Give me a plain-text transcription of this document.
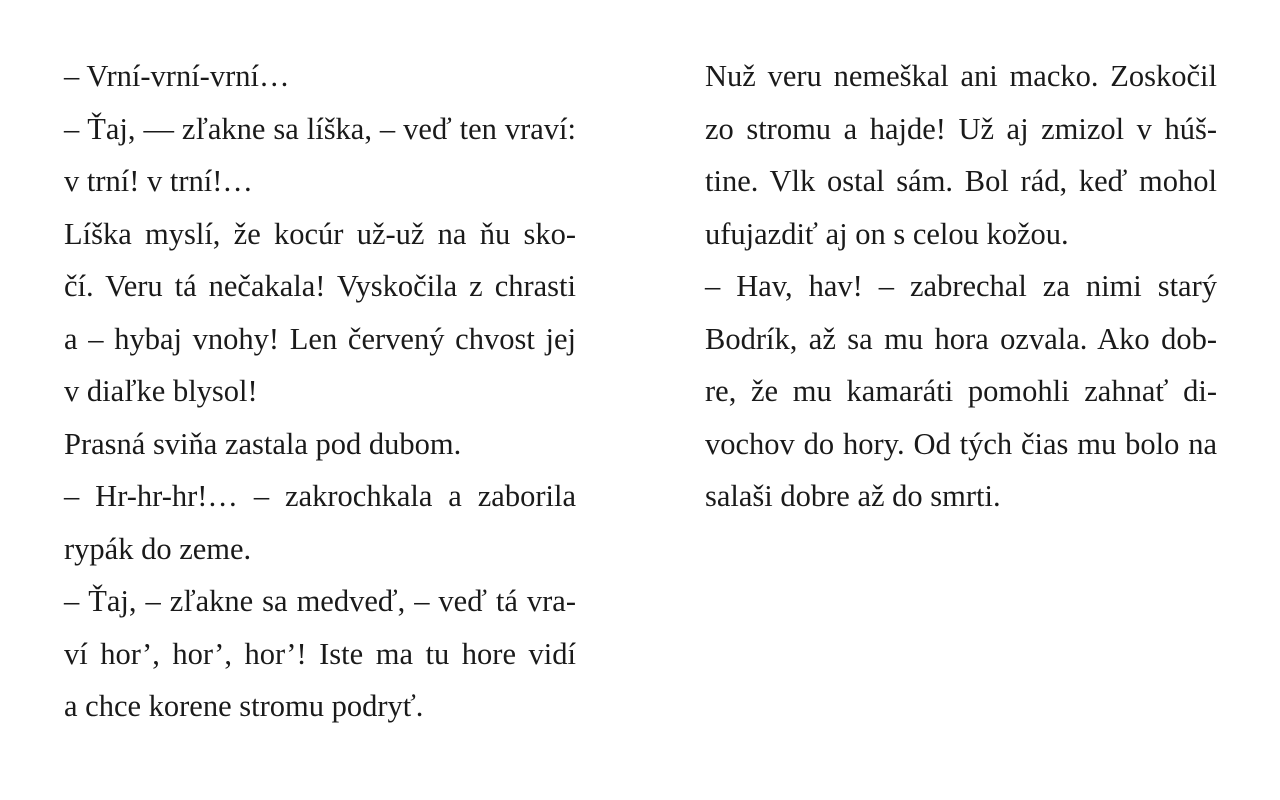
– Vrní-vrní-vrní…
– Ťaj, — zľakne sa líška, – veď ten vraví:
v trní! v trní!…
Líška myslí, že kocúr už-už na ňu sko-
čí. Veru tá nečakala! Vyskočila z chrasti
a – hybaj vnohy! Len červený chvost jej
v diaľke blysol!
Prasná sviňa zastala pod dubom.
– Hr-hr-hr!… – zakrochkala a zaborila
rypák do zeme.
– Ťaj, – zľakne sa medveď, – veď tá vra-
ví hor’, hor’, hor’! Iste ma tu hore vidí
a chce korene stromu podryť.
Nuž veru nemeškal ani macko. Zoskočil
zo stromu a hajde! Už aj zmizol v húš-
tine. Vlk ostal sám. Bol rád, keď mohol
ufujazdiť aj on s celou kožou.
– Hav, hav! – zabrechal za nimi starý
Bodrík, až sa mu hora ozvala. Ako dob-
re, že mu kamaráti pomohli zahnať di-
vochov do hory. Od tých čias mu bolo na
salaši dobre až do smrti.
